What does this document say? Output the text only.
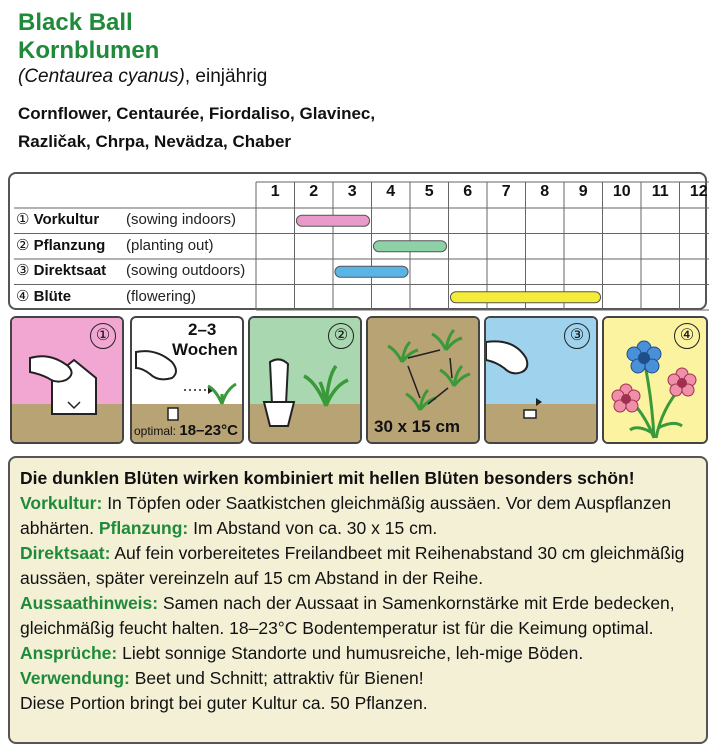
Black Ball
Kornblumen
(Centaurea cyanus), einjährig
Cornflower, Centaurée, Fiordaliso, Glavinec,
Različak, Chrpa, Nevädza, Chaber
1	2	3	4	5	6	7	8	9	10	11	12
① Vorkultur (sowing indoors)
② Pflanzung (planting out)
③ Direktsaat (sowing outdoors)
④ Blüte	(flowering)
①	2–3
Wochen
optimal: 18–23°C
②
30 x 15 cm
③	④

Die dunklen Blüten wirken kombiniert mit hellen Blüten besonders schön!

Vorkultur: In Töpfen oder Saatkistchen gleichmäßig aussäen. Vor dem Auspflanzen abhärten. Pflanzung: Im Abstand von ca. 30 x 15 cm.
Direktsaat: Auf fein vorbereitetes Freilandbeet mit Reihenabstand 30 cm gleichmäßig aussäen, später vereinzeln auf 15 cm Abstand in der Reihe.
Aussaathinweis: Samen nach der Aussaat in Samenkornstärke mit Erde bedecken, gleichmäßig feucht halten. 18–23°C Bodentemperatur ist für die Keimung optimal. Ansprüche: Liebt sonnige Standorte und humusreiche, leh-mige Böden. Verwendung: Beet und Schnitt; attraktiv für Bienen!
Diese Portion bringt bei guter Kultur ca. 50 Pflanzen.
